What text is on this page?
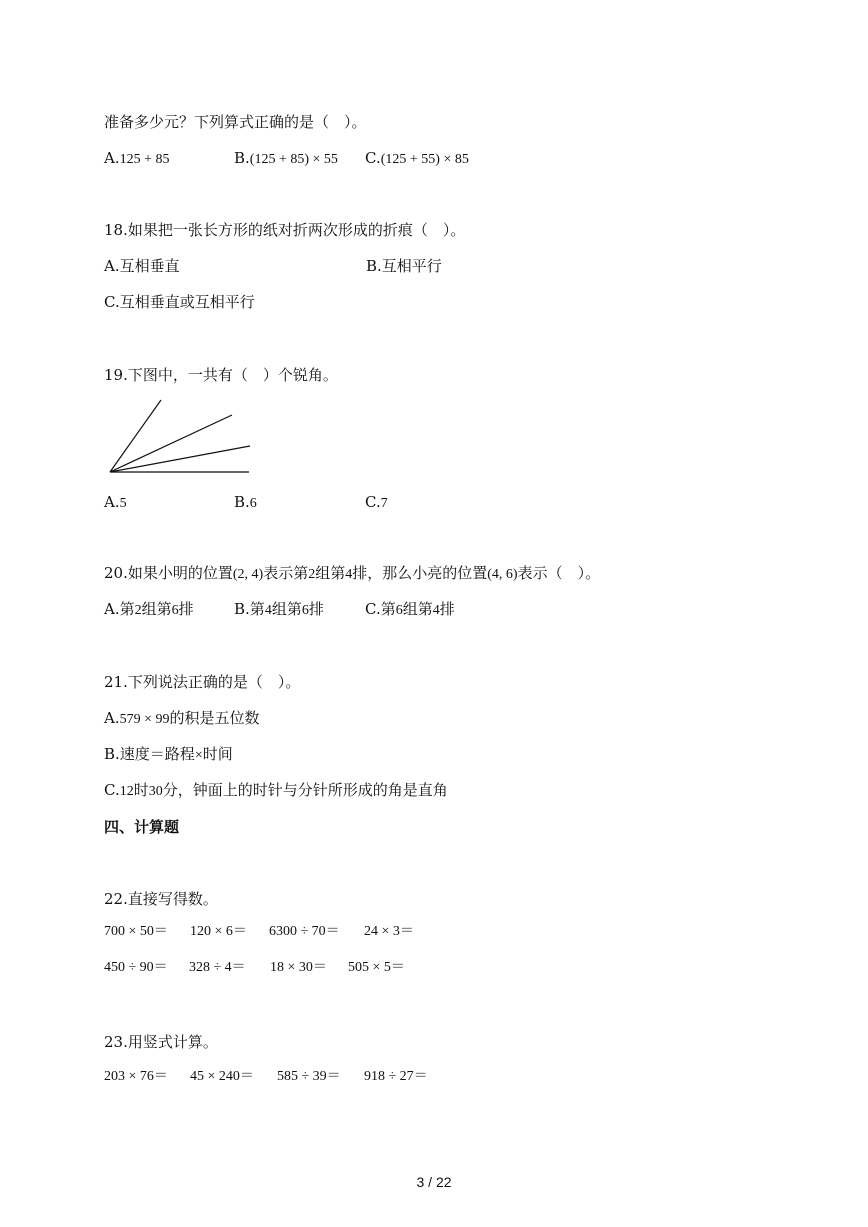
准备多少元？下列算式正确的是（　）。
A.125 + 85	B.(125 + 85) × 55 C.(125 + 55) × 85
18.如果把一张长方形的纸对折两次形成的折痕（　）。
A.互相垂直	B.互相平行
C.互相垂直或互相平行
19.下图中，一共有（　）个锐角。
A.5	B.6	C.7
20.如果小明的位置(2, 4)表示第2组第4排，那么小亮的位置(4, 6)表示（　）。
A.第2组第6排	B.第4组第6排	C.第6组第4排
21.下列说法正确的是（　）。
A.579 × 99的积是五位数
B.速度＝路程×时间
C.12时30分，钟面上的时针与分针所形成的角是直角
四、计算题
22.直接写得数。
700 × 50＝ 120 × 6＝ 6300 ÷ 70＝ 24 × 3＝
450 ÷ 90＝ 328 ÷ 4＝ 18 × 30＝ 505 × 5＝
23.用竖式计算。
203 × 76＝ 45 × 240＝ 585 ÷ 39＝ 918 ÷ 27＝
3 / 22
